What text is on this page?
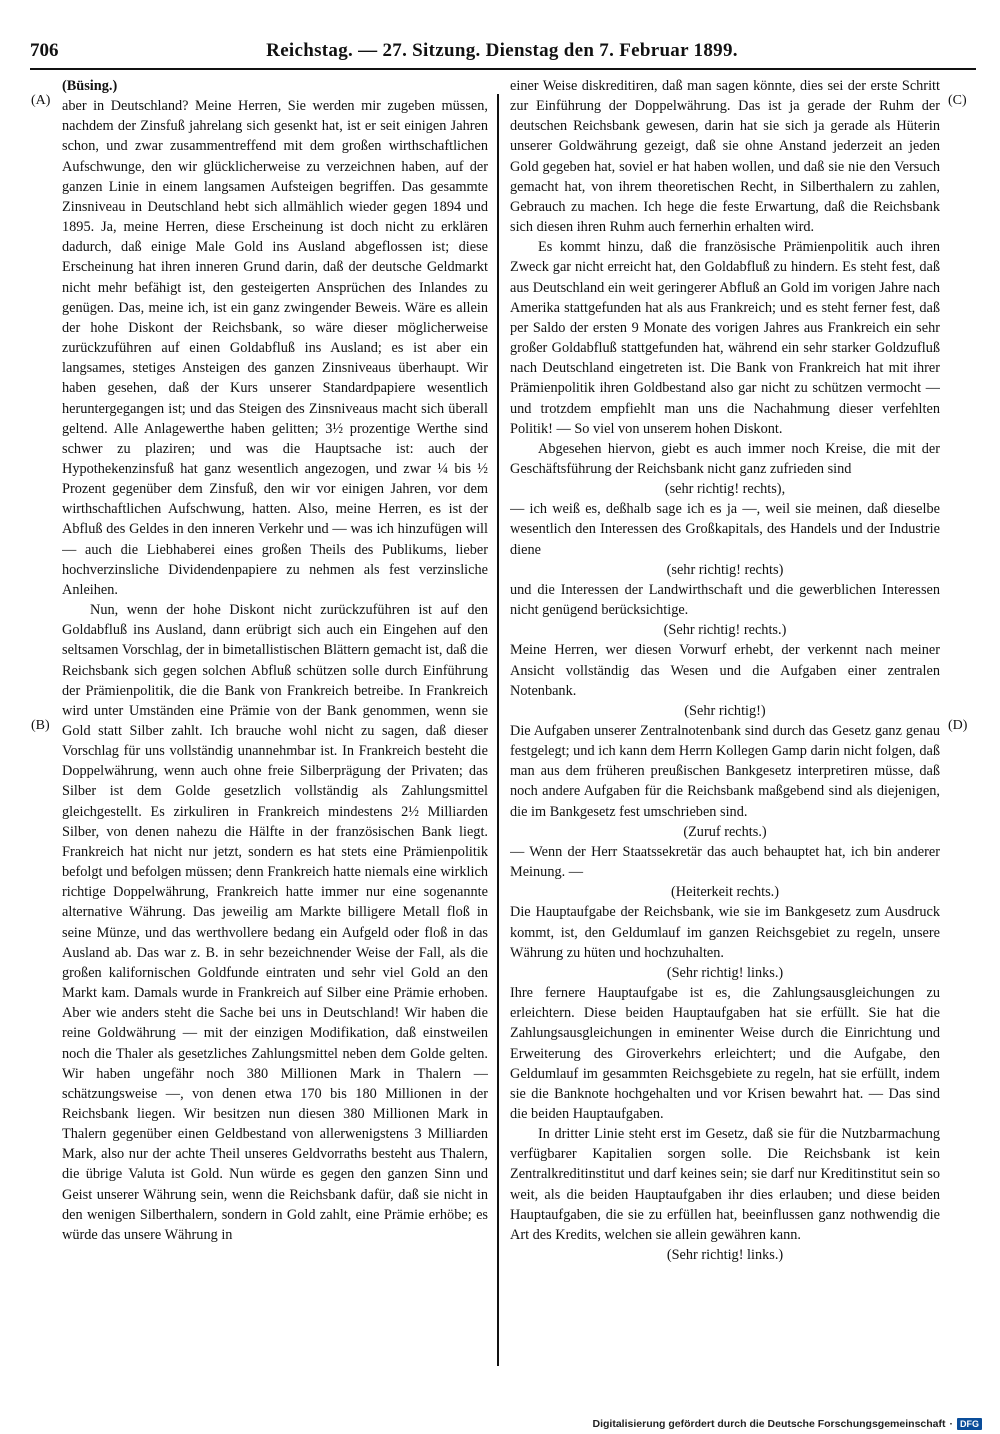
706	Reichstag. — 27. Sitzung. Dienstag den 7. Februar 1899.
(A)
(B)
(C)
(D)

(Büsing.)

aber in Deutschland? Meine Herren, Sie werden mir zugeben müssen, nachdem der Zinsfuß jahrelang sich gesenkt hat, ist er seit einigen Jahren schon, und zwar zusammentreffend mit dem großen wirthschaftlichen Aufschwunge, den wir glücklicherweise zu verzeichnen haben, auf der ganzen Linie in einem langsamen Aufsteigen begriffen. Das gesammte Zinsniveau in Deutschland hebt sich allmählich wieder gegen 1894 und 1895. Ja, meine Herren, diese Erscheinung ist doch nicht zu erklären dadurch, daß einige Male Gold ins Ausland abgeflossen ist; diese Erscheinung hat ihren inneren Grund darin, daß der deutsche Geldmarkt nicht mehr befähigt ist, den gesteigerten Ansprüchen des Inlandes zu genügen. Das, meine ich, ist ein ganz zwingender Beweis. Wäre es allein der hohe Diskont der Reichsbank, so wäre dieser möglicherweise zurückzuführen auf einen Goldabfluß ins Ausland; es ist aber ein langsames, stetiges Ansteigen des ganzen Zinsniveaus überhaupt. Wir haben gesehen, daß der Kurs unserer Standardpapiere wesentlich heruntergegangen ist; und das Steigen des Zinsniveaus macht sich überall geltend. Alle Anlagewerthe haben gelitten; 3½ prozentige Werthe sind schwer zu plaziren; und was die Hauptsache ist: auch der Hypothekenzinsfuß hat ganz wesentlich angezogen, und zwar ¼ bis ½ Prozent gegenüber dem Zinsfuß, den wir vor einigen Jahren, vor dem wirthschaftlichen Aufschwung, hatten. Also, meine Herren, es ist der Abfluß des Geldes in den inneren Verkehr und — was ich hinzufügen will — auch die Liebhaberei eines großen Theils des Publikums, lieber hochverzinsliche Dividendenpapiere zu nehmen als fest verzinsliche Anleihen.

Nun, wenn der hohe Diskont nicht zurückzuführen ist auf den Goldabfluß ins Ausland, dann erübrigt sich auch ein Eingehen auf den seltsamen Vorschlag, der in bimetallistischen Blättern gemacht ist, daß die Reichsbank sich gegen solchen Abfluß schützen solle durch Einführung der Prämienpolitik, die die Bank von Frankreich betreibe. In Frankreich wird unter Umständen eine Prämie von der Bank genommen, wenn sie Gold statt Silber zahlt. Ich brauche wohl nicht zu sagen, daß dieser Vorschlag für uns vollständig unannehmbar ist. In Frankreich besteht die Doppelwährung, wenn auch ohne freie Silberprägung der Privaten; das Silber ist dem Golde gesetzlich vollständig als Zahlungsmittel gleichgestellt. Es zirkuliren in Frankreich mindestens 2½ Milliarden Silber, von denen nahezu die Hälfte in der französischen Bank liegt. Frankreich hat nicht nur jetzt, sondern es hat stets eine Prämienpolitik befolgt und befolgen müssen; denn Frankreich hatte niemals eine wirklich richtige Doppelwährung, Frankreich hatte immer nur eine sogenannte alternative Währung. Das jeweilig am Markte billigere Metall floß in seine Münze, und das werthvollere bedang ein Aufgeld oder floß in das Ausland ab. Das war z. B. in sehr bezeichnender Weise der Fall, als die großen kalifornischen Goldfunde eintraten und sehr viel Gold an den Markt kam. Damals wurde in Frankreich auf Silber eine Prämie erhoben. Aber wie anders steht die Sache bei uns in Deutschland! Wir haben die reine Goldwährung — mit der einzigen Modifikation, daß einstweilen noch die Thaler als gesetzliches Zahlungsmittel neben dem Golde gelten. Wir haben ungefähr noch 380 Millionen Mark in Thalern — schätzungsweise —, von denen etwa 170 bis 180 Millionen in der Reichsbank liegen. Wir besitzen nun diesen 380 Millionen Mark in Thalern gegenüber einen Geldbestand von allerwenigstens 3 Milliarden Mark, also nur der achte Theil unseres Geldvorraths besteht aus Thalern, die übrige Valuta ist Gold. Nun würde es gegen den ganzen Sinn und Geist unserer Währung sein, wenn die Reichsbank dafür, daß sie nicht in den wenigen Silberthalern, sondern in Gold zahlt, eine Prämie erhöbe; es würde das unsere Währung in

einer Weise diskreditiren, daß man sagen könnte, dies sei der erste Schritt zur Einführung der Doppelwährung. Das ist ja gerade der Ruhm der deutschen Reichsbank gewesen, darin hat sie sich ja gerade als Hüterin unserer Goldwährung gezeigt, daß sie ohne Anstand jederzeit an jeden Gold gegeben hat, soviel er hat haben wollen, und daß sie nie den Versuch gemacht hat, von ihrem theoretischen Recht, in Silberthalern zu zahlen, Gebrauch zu machen. Ich hege die feste Erwartung, daß die Reichsbank sich diesen ihren Ruhm auch fernerhin erhalten wird.

Es kommt hinzu, daß die französische Prämienpolitik auch ihren Zweck gar nicht erreicht hat, den Goldabfluß zu hindern. Es steht fest, daß aus Deutschland ein weit geringerer Abfluß an Gold im vorigen Jahre nach Amerika stattgefunden hat als aus Frankreich; und es steht ferner fest, daß per Saldo der ersten 9 Monate des vorigen Jahres aus Frankreich ein sehr großer Goldabfluß stattgefunden hat, während ein sehr starker Goldzufluß nach Deutschland eingetreten ist. Die Bank von Frankreich hat mit ihrer Prämienpolitik ihren Goldbestand also gar nicht zu schützen vermocht — und trotzdem empfiehlt man uns die Nachahmung dieser verfehlten Politik! — So viel von unserem hohen Diskont.

Abgesehen hiervon, giebt es auch immer noch Kreise, die mit der Geschäftsführung der Reichsbank nicht ganz zufrieden sind

(sehr richtig! rechts),

— ich weiß es, deßhalb sage ich es ja —, weil sie meinen, daß dieselbe wesentlich den Interessen des Großkapitals, des Handels und der Industrie diene

(sehr richtig! rechts)

und die Interessen der Landwirthschaft und die gewerblichen Interessen nicht genügend berücksichtige.

(Sehr richtig! rechts.)

Meine Herren, wer diesen Vorwurf erhebt, der verkennt nach meiner Ansicht vollständig das Wesen und die Aufgaben einer zentralen Notenbank.

(Sehr richtig!)

Die Aufgaben unserer Zentralnotenbank sind durch das Gesetz ganz genau festgelegt; und ich kann dem Herrn Kollegen Gamp darin nicht folgen, daß man aus dem früheren preußischen Bankgesetz interpretiren müsse, daß noch andere Aufgaben für die Reichsbank maßgebend sind als diejenigen, die im Bankgesetz fest umschrieben sind.

(Zuruf rechts.)

— Wenn der Herr Staatssekretär das auch behauptet hat, ich bin anderer Meinung. —

(Heiterkeit rechts.)

Die Hauptaufgabe der Reichsbank, wie sie im Bankgesetz zum Ausdruck kommt, ist, den Geldumlauf im ganzen Reichsgebiet zu regeln, unsere Währung zu hüten und hochzuhalten.

(Sehr richtig! links.)

Ihre fernere Hauptaufgabe ist es, die Zahlungsausgleichungen zu erleichtern. Diese beiden Hauptaufgaben hat sie erfüllt. Sie hat die Zahlungsausgleichungen in eminenter Weise durch die Einrichtung und Erweiterung des Giroverkehrs erleichtert; und die Aufgabe, den Geldumlauf im gesammten Reichsgebiete zu regeln, hat sie erfüllt, indem sie die Banknote hochgehalten und vor Krisen bewahrt hat. — Das sind die beiden Hauptaufgaben.

In dritter Linie steht erst im Gesetz, daß sie für die Nutzbarmachung verfügbarer Kapitalien sorgen solle. Die Reichsbank ist kein Zentralkreditinstitut und darf keines sein; sie darf nur Kreditinstitut sein so weit, als die beiden Hauptaufgaben ihr dies erlauben; und diese beiden Hauptaufgaben, die sie zu erfüllen hat, beeinflussen ganz nothwendig die Art des Kredits, welchen sie allein gewähren kann.

(Sehr richtig! links.)

Digitalisierung gefördert durch die Deutsche Forschungsgemeinschaft · DFG
